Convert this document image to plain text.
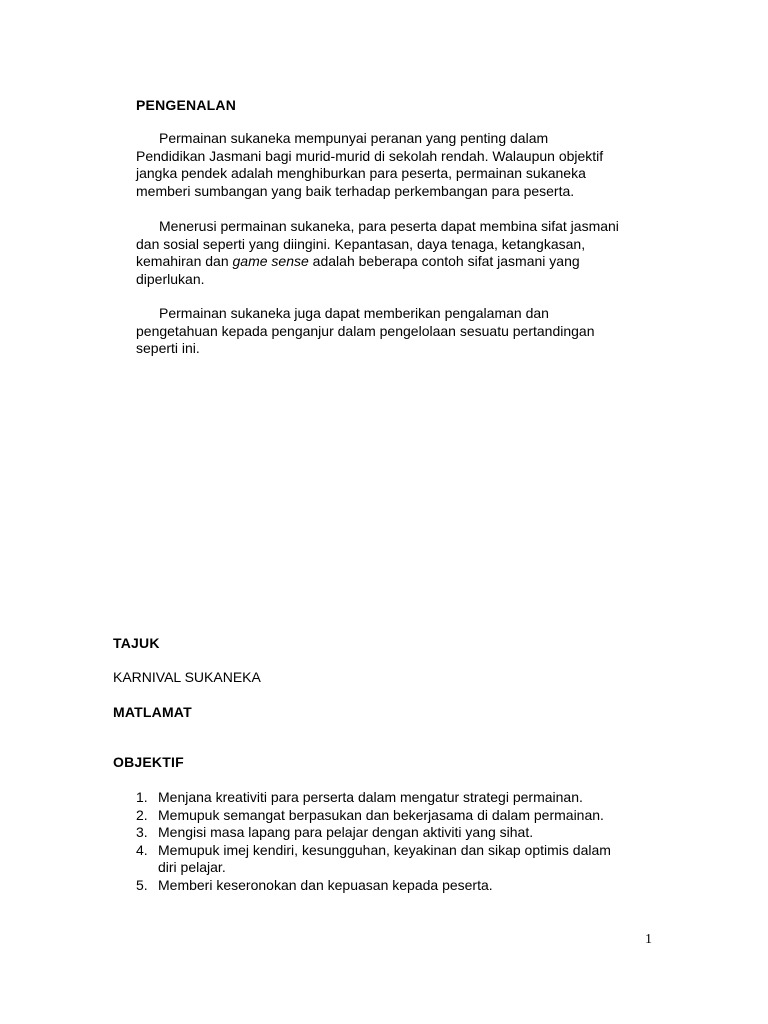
PENGENALAN

Permainan sukaneka mempunyai peranan yang penting dalam
Pendidikan Jasmani bagi murid-murid di sekolah rendah. Walaupun objektif
jangka pendek adalah menghiburkan para peserta, permainan sukaneka
memberi sumbangan yang baik terhadap perkembangan para peserta.

Menerusi permainan sukaneka, para peserta dapat membina sifat jasmani
dan sosial seperti yang diingini. Kepantasan, daya tenaga, ketangkasan,
kemahiran dan game sense adalah beberapa contoh sifat jasmani yang
diperlukan.

Permainan sukaneka juga dapat memberikan pengalaman dan
pengetahuan kepada penganjur dalam pengelolaan sesuatu pertandingan
seperti ini.

TAJUK

KARNIVAL SUKANEKA

MATLAMAT
OBJEKTIF
1. Menjana kreativiti para perserta dalam mengatur strategi permainan.
2. Memupuk semangat berpasukan dan bekerjasama di dalam permainan.
3. Mengisi masa lapang para pelajar dengan aktiviti yang sihat.
4. Memupuk imej kendiri, kesungguhan, keyakinan dan sikap optimis dalam
diri pelajar.
5. Memberi keseronokan dan kepuasan kepada peserta.
1
